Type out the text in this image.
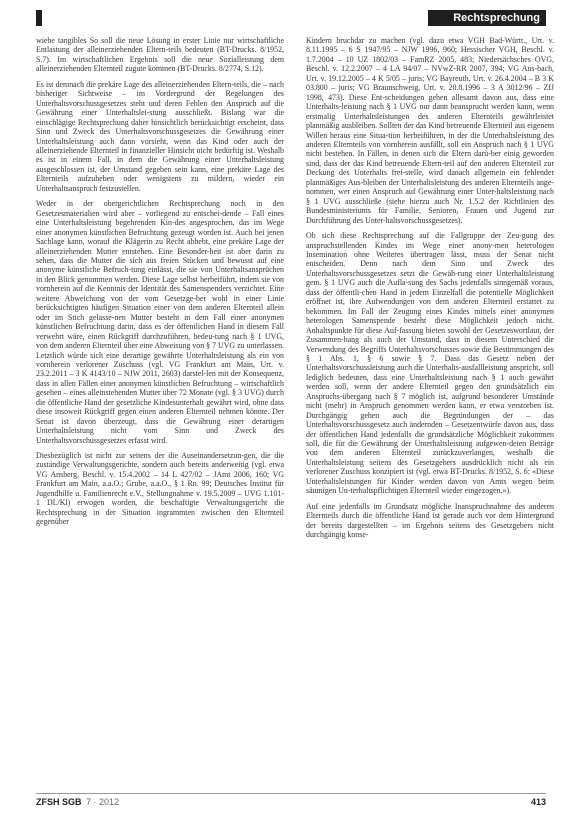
Rechtsprechung

wiebe tangibles So soll die neue Lösung in erster Linie nur wirtschaftliche Entlastung der alleinerziehenden Eltern-teils bedeuten (BT-Drucks. 8/1952, S.7). Im wirtschaftlichen Ergebnis soll die neue Sozialleistung dem alleinerziehenden Elternteil zugute kommen (BT-Drucks. 8/2774, S.12).

Es ist demnach die prekäre Lage des alleinerziehenden Eltern-teils, die – nach bisheriger Sichtweise – im Vordergrund der Regelungen des Unterhaltsvorschussgesetzes steht und deren Fehlen den Anspruch auf die Gewährung einer Unterhaltslei-stung ausschließt. Bislang war die einschlägige Rechtsprechung daher hinsichtlich berücksichtigt erscheint, dass Sinn und Zweck des Unterhaltsvorschussgesetzes die Gewährung einer Unterhaltsleistung auch dann vorsieht, wenn das Kind oder auch der alleinerziehende Elternteil in finanzieller Hinsicht nicht bedürftig ist. Weshalb es ist in einem Fall, in dem die Gewährung einer Unterhaltsleistung ausgeschlossen ist, der Umstand gegeben sein kann, eine prekäre Lage des Elternteils aufzuheben oder wenigstens zu mildern, wieder ein Unterhaltsanspruch festzustellen.

Weder in der obergerichtlichen Rechtsprechung noch in den Gesetzesmaterialien wird aber – vorliegend zu entschei-dende – Fall eines eine Unterhaltsleistung begehrenden Kin-des angesprochen, das im Wege einer anonymen künstlichen Befruchtung gezeugt worden ist. Auch bei jenen Sachlage kann, worauf die Klägerin zu Recht abhebt, eine prekäre Lage der alleinerziehenden Mutter entstehen. Eine Besonder-heit ist aber darin zu sehen, dass die Mutter die sich aus freien Stücken und bewusst auf eine anonyme künstliche Befruch-tung einlässt, die sie von Unterhaltsansprüchen in den Blick genommen werden. Diese Lage selbst herbeiführt, indem sie von vornherein auf die Kenntnis der Identität des Samenspenders verzichtet. Eine weitere Abweichung von der vom Gesetzge-ber wohl in einer Linie berücksichtigten häufigen Situation einer von dem anderen Elternteil allein oder im Stich gelasse-nen Mutter besteht in dem Fall einer anonymen künstlichen Befruchtung darin, dass es der öffentlichen Hand in diesem Fall verwehrt wäre, einen Rückgriff durchzuführen, bedeu-tung nach § 1 UVG, von dem anderen Elternteil über eine Abweisung von § 7 UVG zu unterlassen. Letztlich würde sich eine derartige gewährte Unterhaltsleistung als ein von vornherein verlorener Zuschuss (vgl. VG Frankfurt am Main, Urt. v. 23.2.2011 – 3 K 4143/10 – NJW 2011, 2603) darstel-len mit der Konsequenz, dass in allen Fällen einer anonymen künstlichen Befruchtung – wirtschaftlich gesehen – eines alleinstehenden Mutter über 72 Monate (vgl. § 3 UVG) durch die öffentliche Hand der gesetzliche Kindesunterhalt gewährt wird, ohne dass diese insoweit Rückgriff gegen einen anderen Elternteil nehmen könnte. Der Senat ist davon überzeugt, dass die Gewährung einer derartigen Unterhaltsleistung nicht vom Sinn und Zweck des Unterhaltsvorschussgesetzes erfasst wird.

Diesbezüglich ist nicht zur seitens der die Auseinandersetzun-gen, die die zuständige Verwaltungsgerichte, sondern auch bereits anderweitig (vgl. etwa VG Ansberg, Beschl. v. 15.4.2002 – 14 L 427/02 – JAmt 2006, 160; VG Frankfurt am Main, a.a.O.; Grube, a.a.O., § 1 Rn. 99; Deutsches Institut für Jugendhilfe u. Familienrecht e.V., Stellungnahme v. 19.5.2009 – UVG 1.101-1 DL/Kl) erwogen worden, die beschaftigte Verwaltungsgericht die Rechtsprechung in der Situation ingrammten zwischen den Elternteil gegenüber

Kindern bruchdar zu machen (vgl. dazu etwa VGH Bad-Württ., Urt. v. 8.11.1995 – 6 S 1947/95 – NJW 1996, 960; Hessischer VGH, Beschl. v. 1.7.2004 – 10 UZ 1802/03 – FamRZ 2005, 483; Niedersächsches OVG, Beschl. v. 12.2.2007 – 4 LA 94/07 – NVwZ-RR 2007, 394; VG Ans-bach, Urt. v. 19.12.2005 – 4 K 5/05 – juris; VG Bayreuth, Urt. v. 26.4.2004 – B 3 K 03.800 – juris; VG Braunschweig, Urt. v. 20.8.1996 – 3 A 3012/96 – ZfJ 1998, 473). Diese Ent-scheidungen gehen allesamt davon aus, dass eine Unterhalts-leistung nach § 1 UVG nur dann beansprucht werden kann, wenn erstmalig Unterhaltsleistungen des anderen Elternteils gewährleistet planmäßig ausbleiben. Sollten der das Kind betreuende Elternteil aus eigenem Willen heraus eine Situa-tion herbeiführen, in der die Unterhaltsleistung des anderen Elternteils von vornherein ausfällt, soll ein Anspruch nach § 1 UVG nicht bestehen. In Fällen, in denen sich die Eltern darü-ber einig geworden sind, dass der das Kind betreuende Eltern-teil auf den anderen Elternteil zur Deckung des Unterhalts frei-stelle, wird danach allgemein ein fehlender planmäßiges Aus-bleiben der Unterhaltsleistung des anderen Elternteils ange-nommen, wer einen Anspruch auf Gewährung einer Unter-haltsleistung nach § 1 UVG ausschließe (siehe hierzu auch Nr. 1.5.2 der Richtlinien des Bundesministeriums für Familie, Senioren, Frauen und Jugend zur Durchführung des Unter-haltsvorschussgesetzes).

Ob sich diese Rechtsprechung auf die Fallgruppe der Zeu-gung des anspruchstellenden Kindes im Wege einer anony-men heterologen Insemination ohne Weiteres übertragen lässt, muss der Senat nicht entscheiden. Denn nach dem Sinn und Zweck des Unterhaltsvorschussgesetzes setzt die Gewäh-rung einer Unterhaltsleistung gem. § 1 UVG auch die Aufla-sung des Sachs jedenfalls sinngemäß voraus, dass der öffentli-chen Hand in jedem Einzelfall die potentielle Möglichkeit eröffnet ist, ihre Aufwendungen von dem anderen Elternteil erstattet zu bekommen. Im Fall der Zeugung eines Kindes mittels einer anonymen heterologen Samenspende besteht diese Möglichkeit jedoch nicht. Anhaltspunkte für diese Auf-fassung bieten sowohl der Gesetzeswortlaut, der Zusammen-hang als auch der Umstand, dass in diesem Unterschied die Verwendung des Begriffs Unterhaltsvorschusses sowie die Bestimmungen des § 1 Abs. 1, § 6 sowie § 7. Dass das Gesetz neben der Unterhaltsvorschussleistung auch die Unterhalts-ausfallleistung anspricht, soll lediglich bedeuten, dass eine Unterhaltsleistung nach § 1 auch gewährt werden soll, wenn der andere Elternteil gegen den grundsätzlich ein Anspruchs-übergang nach § 7 möglich ist, aufgrund besonderer Umstände nicht (mehr) in Anspruch genommen werden kann, er etwa verstorben ist. Durchgängig gehen auch die Begründungen der – das Unterhaltsvorschussgesetz auch ändernden – Gesetzentwürfe davon aus, dass der öffentlichen Hand jedenfalls die grundsätzliche Möglichkeit zukommen soll, die für die Gewährung der Unterhaltsleistung aufgewen-deten Beträge von dem anderen Elternteil zurückzuverlangen, weshalb die Unterhaltsleistung seitens des Gesetzgebers ausdrücklich nicht als ein verlorener Zuschuss konzipiert ist (vgl. etwa BT-Drucks. 8/1952, S. 6: «Diese Unterhaltsleistungen für Kinder werden davon von Amts wegen beim säumigen Un-terhaltspflichtigen Elternteil wieder eingezogen.»).

Auf eine jedenfalls im Grundsatz mögliche Inanspruchnahme des anderen Elternteils durch die öffentliche Hand ist gerade auch vor dem Hintergrund der bereits dargestellten – im Ergebnis seitens des Gesetzgebers nicht durchgängig konse-

ZFSH SGB 7 · 2012	413
